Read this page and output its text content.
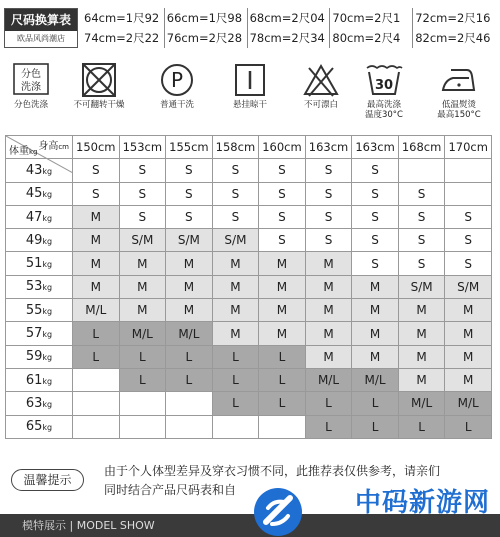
尺码换算表
欧品风尚潮店
64cm=1尺92 66cm=1尺98 68cm=2尺04 70cm=2尺1	72cm=2尺16
74cm=2尺22 76cm=2尺28 78cm=2尺34 80cm=2尺4	82cm=2尺46
分色
洗涤
分色洗涤	不可翻转干燥
P
普通干洗	悬挂晾干	不可漂白
30
最高洗涤
温度30°C
低温熨烫
最高150°C
身高cm
体重kg	150cm	153cm	155cm	158cm	160cm	163cm	163cm	168cm	170cm
43kg	S	S	S	S	S	S	S		
45kg	S	S	S	S	S	S	S	S	
47kg	M	S	S	S	S	S	S	S	S
49kg	M	S/M	S/M	S/M	S	S	S	S	S
51kg	M	M	M	M	M	M	S	S	S
53kg	M	M	M	M	M	M	M	S/M	S/M
55kg	M/L	M	M	M	M	M	M	M	M
57kg	L	M/L	M/L	M	M	M	M	M	M
59kg	L	L	L	L	L	M	M	M	M
61kg		L	L	L	L	M/L	M/L	M	M
63kg				L	L	L	L	M/L	M/L
65kg						L	L	L	L
温馨提示
由于个人体型差异及穿衣习惯不同，此推荐表仅供参考，请亲们
同时结合产品尺码表和自
模特展示 | MODEL SHOW
中码新游网
